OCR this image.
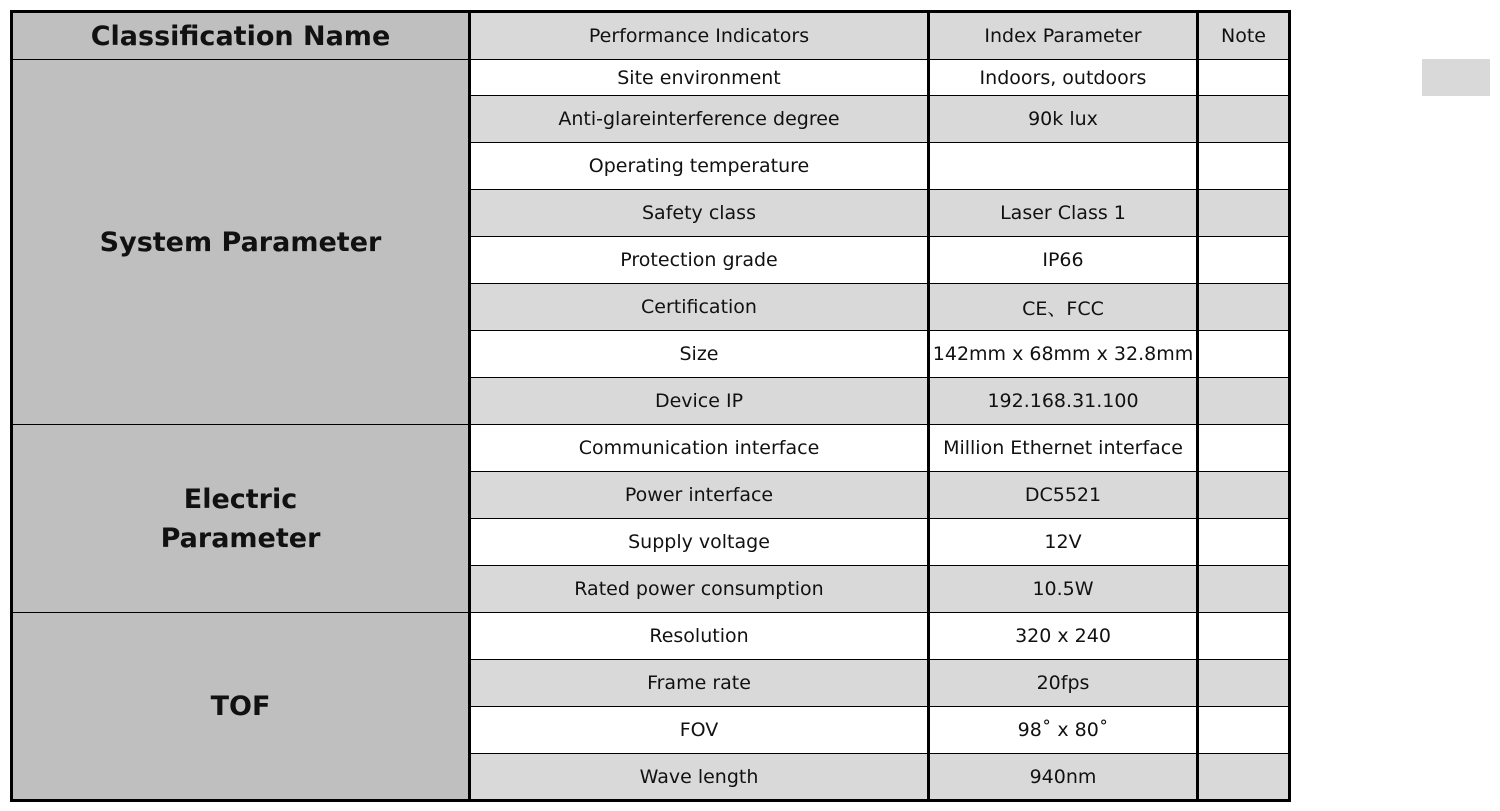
Classification Name	Performance Indicators	Index Parameter	Note
System Parameter	Site environment	Indoors, outdoors	
	Anti-glareinterference degree	90k lux	
	Operating temperature		
	Safety class	Laser Class 1	
	Protection grade	IP66	
	Certification	CE、FCC	
	Size	142mm x 68mm x 32.8mm	
	Device IP	192.168.31.100	

Electric Parameter	Communication interface	Million Ethernet interface	
	Power interface	DC5521	
	Supply voltage	12V	
	Rated power consumption	10.5W	
TOF	Resolution	320 x 240	
	Frame rate	20fps	
	FOV	98˚ x 80˚	
	Wave length	940nm	
